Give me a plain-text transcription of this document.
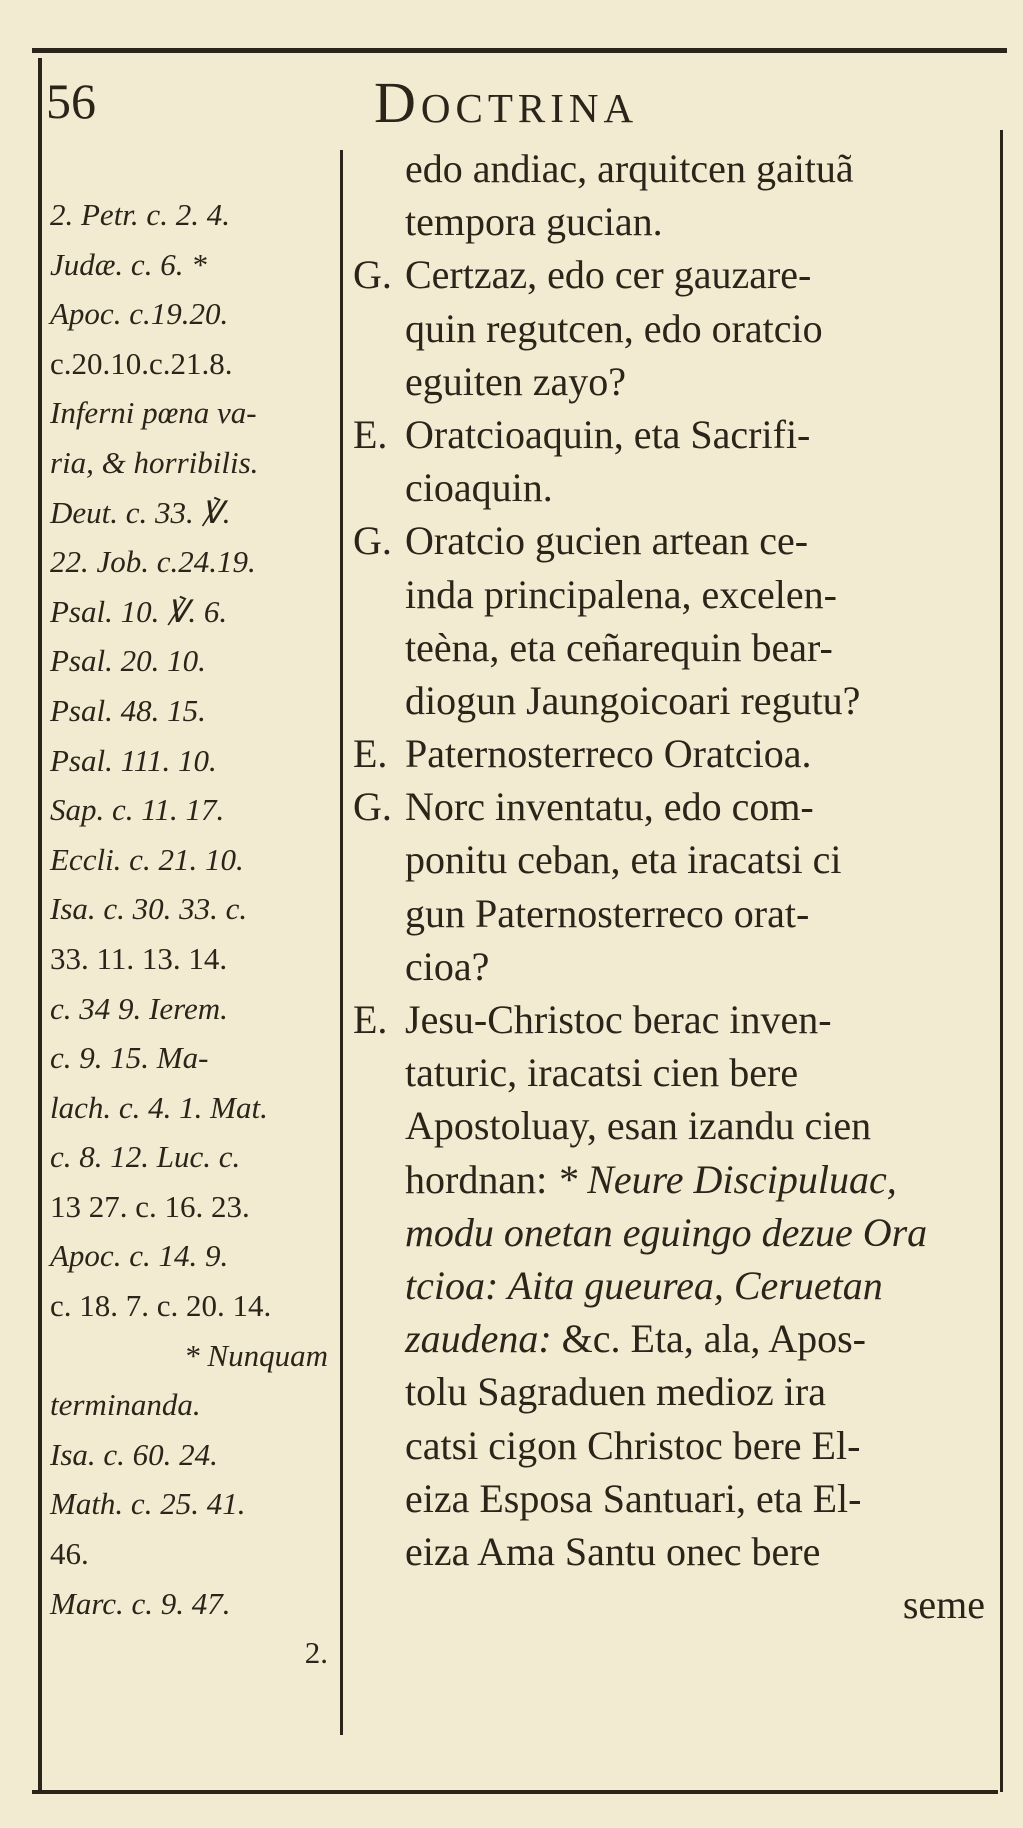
56	Doctrina
2. Petr. c. 2. 4.
Judæ. c. 6. *
Apoc. c.19.20.
c.20.10.c.21.8.
Inferni pœna va-
ria, & horribilis.
Deut. c. 33. ℣.
22. Job. c.24.19.
Psal. 10. ℣. 6.
Psal. 20. 10.
Psal. 48. 15.
Psal. 111. 10.
Sap. c. 11. 17.
Eccli. c. 21. 10.
Isa. c. 30. 33. c.
33. 11. 13. 14.
c. 34 9. Ierem.
c. 9. 15. Ma-
lach. c. 4. 1. Mat.
c. 8. 12. Luc. c.
13 27. c. 16. 23.
Apoc. c. 14. 9.
c. 18. 7. c. 20. 14.
* Nunquam
terminanda.
Isa. c. 60. 24.
Math. c. 25. 41.
46.
Marc. c. 9. 47.
2.
edo andiac, arquitcen gaituã
tempora gucian.
G. Certzaz, edo cer gauzare-
quin regutcen, edo oratcio
eguiten zayo?
E. Oratcioaquin, eta Sacrifi-
cioaquin.
G. Oratcio gucien artean ce-
inda principalena, excelen-
teèna, eta ceñarequin bear-
diogun Jaungoicoari regutu?
E. Paternosterreco Oratcioa.
G. Norc inventatu, edo com-
ponitu ceban, eta iracatsi ci
gun Paternosterreco orat-
cioa?
E. Jesu-Christoc berac inven-
taturic, iracatsi cien bere
Apostoluay, esan izandu cien
hordnan: * Neure Discipuluac,
modu onetan eguingo dezue Ora
tcioa: Aita gueurea, Ceruetan
zaudena: &c. Eta, ala, Apos-
tolu Sagraduen medioz ira
catsi cigon Christoc bere El-
eiza Esposa Santuari, eta El-
eiza Ama Santu onec bere
seme
